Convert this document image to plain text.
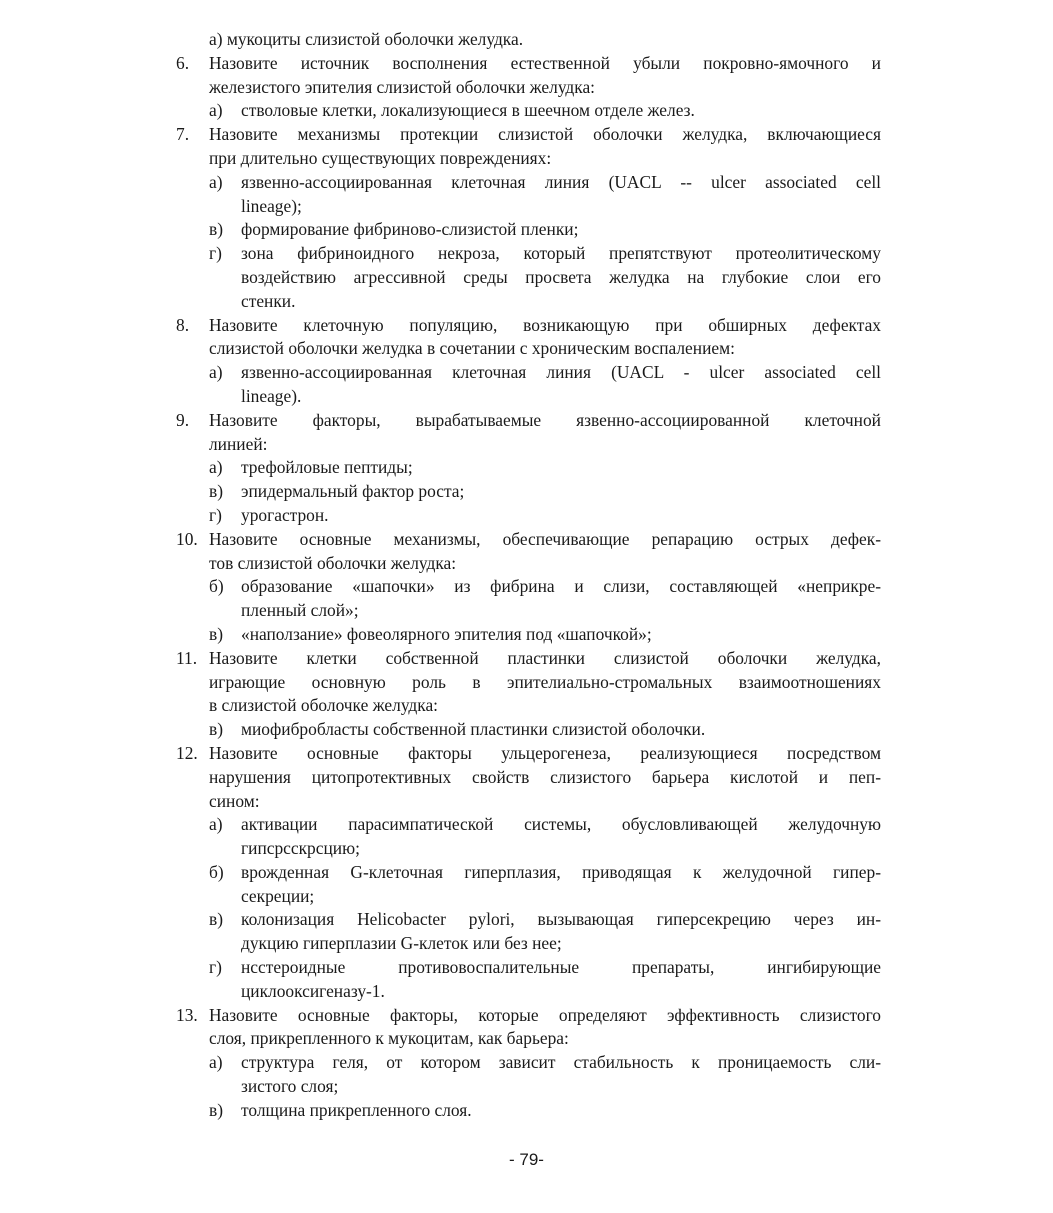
а) мукоциты слизистой оболочки желудка.
6. Назовите источник восполнения естественной убыли покровно-ямочного и
железистого эпителия слизистой оболочки желудка:
а) стволовые клетки, локализующиеся в шеечном отделе желез.
7. Назовите механизмы протекции слизистой оболочки желудка, включающиеся
при длительно существующих повреждениях:
а) язвенно-ассоциированная клеточная линия (UACL -- ulcer associated cell
lineage);
в) формирование фибриново-слизистой пленки;
г) зона фибриноидного некроза, который препятствуют протеолитическому
воздействию агрессивной среды просвета желудка на глубокие слои его
стенки.
8. Назовите клеточную популяцию, возникающую при обширных дефектах
слизистой оболочки желудка в сочетании с хроническим воспалением:
а) язвенно-ассоциированная клеточная линия (UACL - ulcer associated cell
lineage).
9. Назовите факторы, вырабатываемые язвенно-ассоциированной клеточной
линией:
а) трефойловые пептиды;
в) эпидермальный фактор роста;
г) урогастрон.
10. Назовите основные механизмы, обеспечивающие репарацию острых дефек-
тов слизистой оболочки желудка:
б) образование «шапочки» из фибрина и слизи, составляющей «неприкре-
пленный слой»;
в) «наползание» фовеолярного эпителия под «шапочкой»;
11. Назовите клетки собственной пластинки слизистой оболочки желудка,
играющие основную роль в эпителиально-стромальных взаимоотношениях
в слизистой оболочке желудка:
в) миофибробласты собственной пластинки слизистой оболочки.
12. Назовите основные факторы ульцерогенеза, реализующиеся посредством
нарушения цитопротективных свойств слизистого барьера кислотой и пеп-
сином:
а) активации парасимпатической системы, обусловливающей желудочную
гипсрсскрсцию;
б) врожденная G-клеточная гиперплазия, приводящая к желудочной гипер-
секреции;
в) колонизация Helicobacter pylori, вызывающая гиперсекрецию через ин-
дукцию гиперплазии G-клеток или без нее;
г) нсстероидные противовоспалительные препараты, ингибирующие
циклооксигеназу-1.
13. Назовите основные факторы, которые определяют эффективность слизистого
слоя, прикрепленного к мукоцитам, как барьера:
а) структура геля, от котором зависит стабильность к проницаемость сли-
зистого слоя;
в) толщина прикрепленного слоя.
- 79-
